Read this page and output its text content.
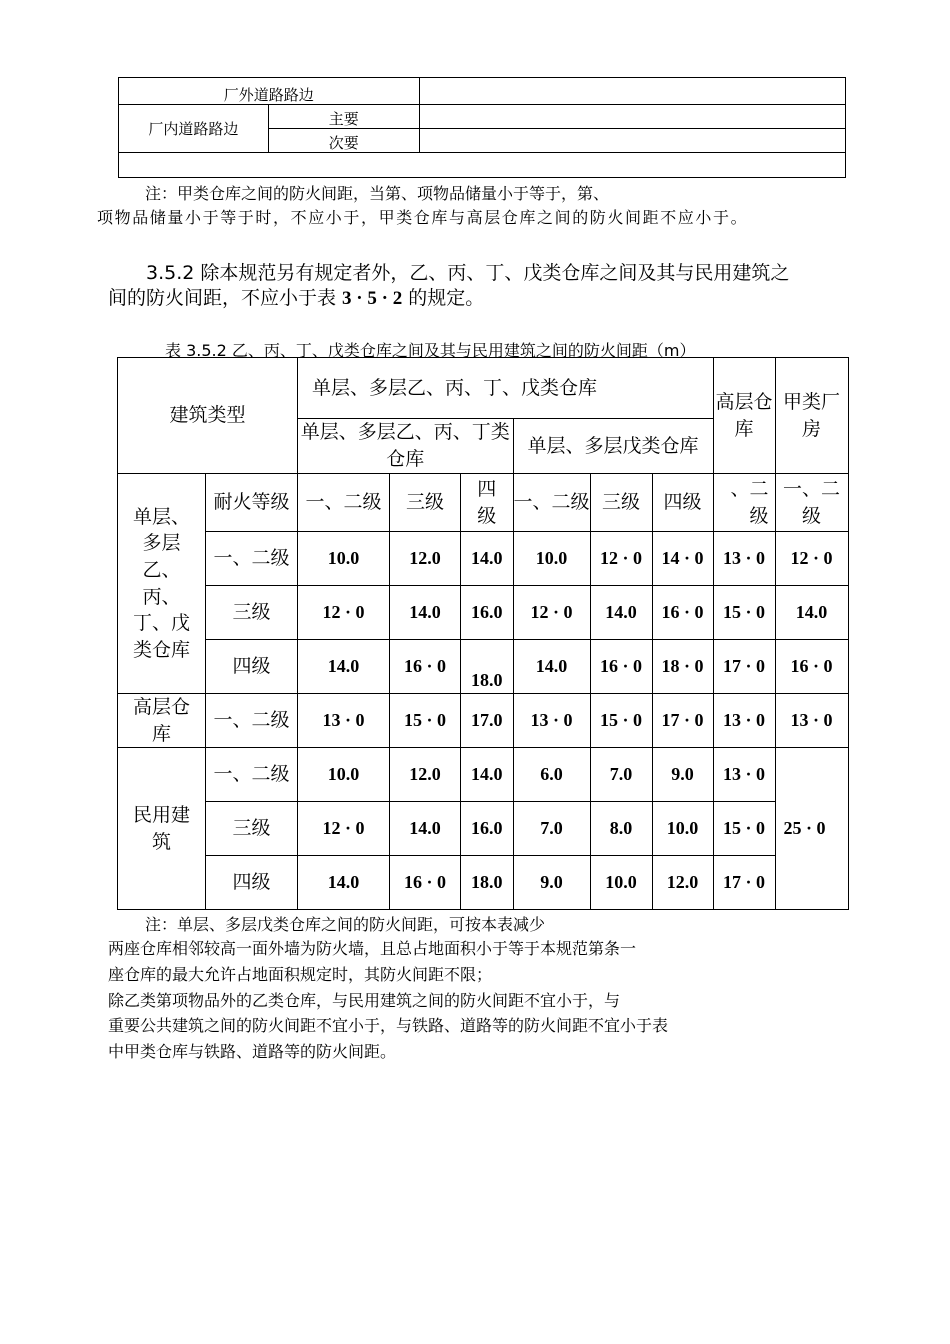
厂外道路路边		
厂内道路路边	主要	
	次要	

注：甲类仓库之间的防火间距，当第、项物品储量小于等于，第、
项物品储量小于等于时，不应小于，甲类仓库与高层仓库之间的防火间距不应小于。
3.5.2 除本规范另有规定者外，乙、丙、丁、戊类仓库之间及其与民用建筑之
间的防火间距，不应小于表 3 · 5 · 2 的规定。
表 3.5.2 乙、丙、丁、戊类仓库之间及其与民用建筑之间的防火间距（m）
建筑类型		单层、多层乙、丙、丁、戊类仓库						高层仓库	甲类厂房
		单层、多层乙、丙、丁类仓库			单层、多层戊类仓库				
单层、多层乙、丙、丁、戊类仓库	耐火等级	一、二级	三级	四级	一、二级	三级	四级	、二级	一、二级
	一、二级	10.0	12.0	14.0	10.0	12 · 0	14 · 0	13 · 0	12 · 0
	三级	12 · 0	14.0	16.0	12 · 0	14.0	16 · 0	15 · 0	14.0
	四级	14.0	16 · 0	18.0	14.0	16 · 0	18 · 0	17 · 0	16 · 0
高层仓库	一、二级	13 · 0	15 · 0	17.0	13 · 0	15 · 0	17 · 0	13 · 0	13 · 0
民用建筑	一、二级	10.0	12.0	14.0	6.0	7.0	9.0	13 · 0	25 · 0
	三级	12 · 0	14.0	16.0	7.0	8.0	10.0	15 · 0	
	四级	14.0	16 · 0	18.0	9.0	10.0	12.0	17 · 0	
注：单层、多层戊类仓库之间的防火间距，可按本表减少
两座仓库相邻较高一面外墙为防火墙，且总占地面积小于等于本规范第条一
座仓库的最大允许占地面积规定时，其防火间距不限；
除乙类第项物品外的乙类仓库，与民用建筑之间的防火间距不宜小于，与
重要公共建筑之间的防火间距不宜小于，与铁路、道路等的防火间距不宜小于表
中甲类仓库与铁路、道路等的防火间距。
